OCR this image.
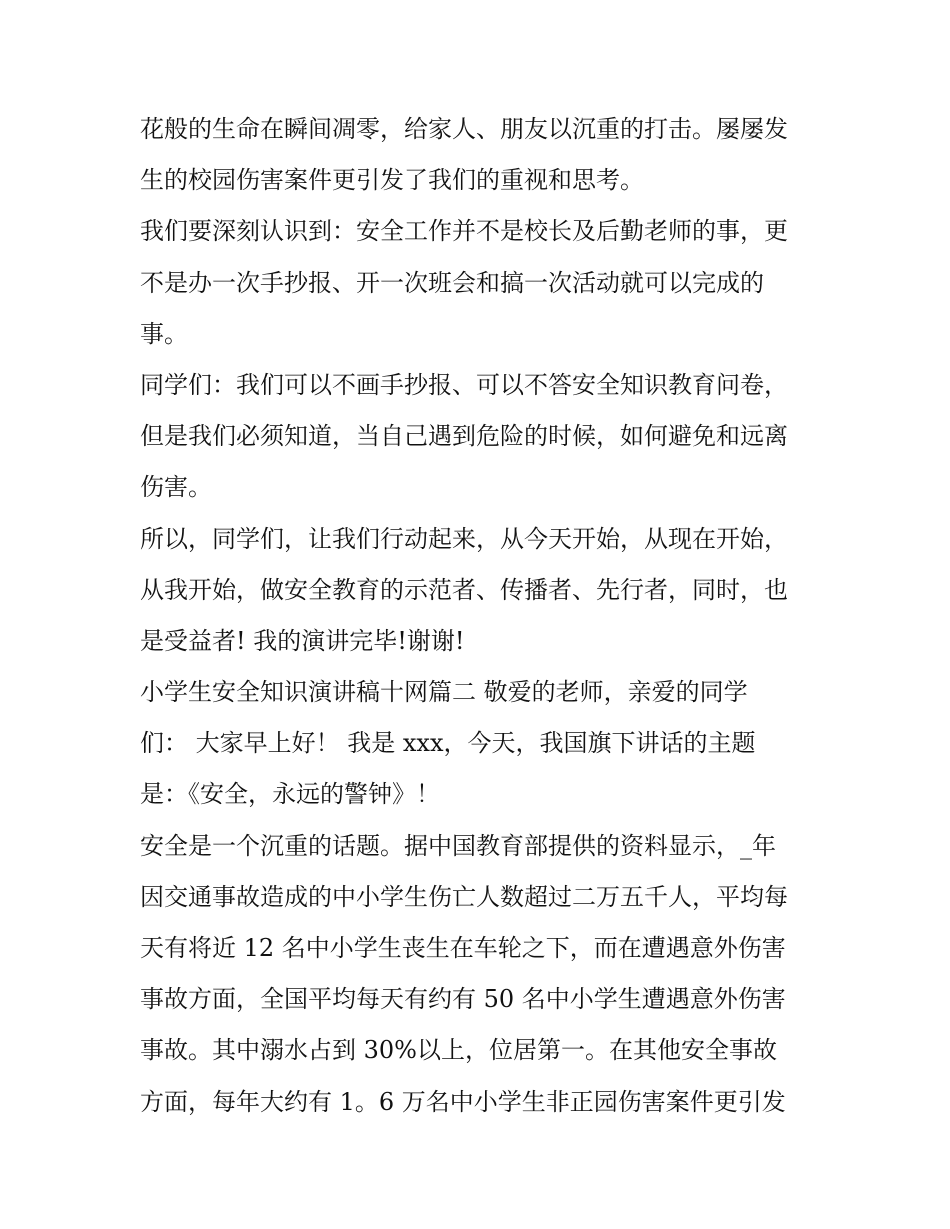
花般的生命在瞬间凋零，给家人、朋友以沉重的打击。屡屡发
生的校园伤害案件更引发了我们的重视和思考。
我们要深刻认识到：安全工作并不是校长及后勤老师的事，更
不是办一次手抄报、开一次班会和搞一次活动就可以完成的
事。
同学们：我们可以不画手抄报、可以不答安全知识教育问卷，
但是我们必须知道，当自己遇到危险的时候，如何避免和远离
伤害。
所以，同学们，让我们行动起来，从今天开始，从现在开始，
从我开始，做安全教育的示范者、传播者、先行者，同时，也
是受益者! 我的演讲完毕!谢谢!
小学生安全知识演讲稿十网篇二 敬爱的老师，亲爱的同学
们： 大家早上好！ 我是 xxx，今天，我国旗下讲话的主题
是：《安全，永远的警钟》！
安全是一个沉重的话题。据中国教育部提供的资料显示，_年
因交通事故造成的中小学生伤亡人数超过二万五千人，平均每
天有将近 12 名中小学生丧生在车轮之下，而在遭遇意外伤害
事故方面，全国平均每天有约有 50 名中小学生遭遇意外伤害
事故。其中溺水占到 30%以上，位居第一。在其他安全事故
方面，每年大约有 1。6 万名中小学生非正园伤害案件更引发
